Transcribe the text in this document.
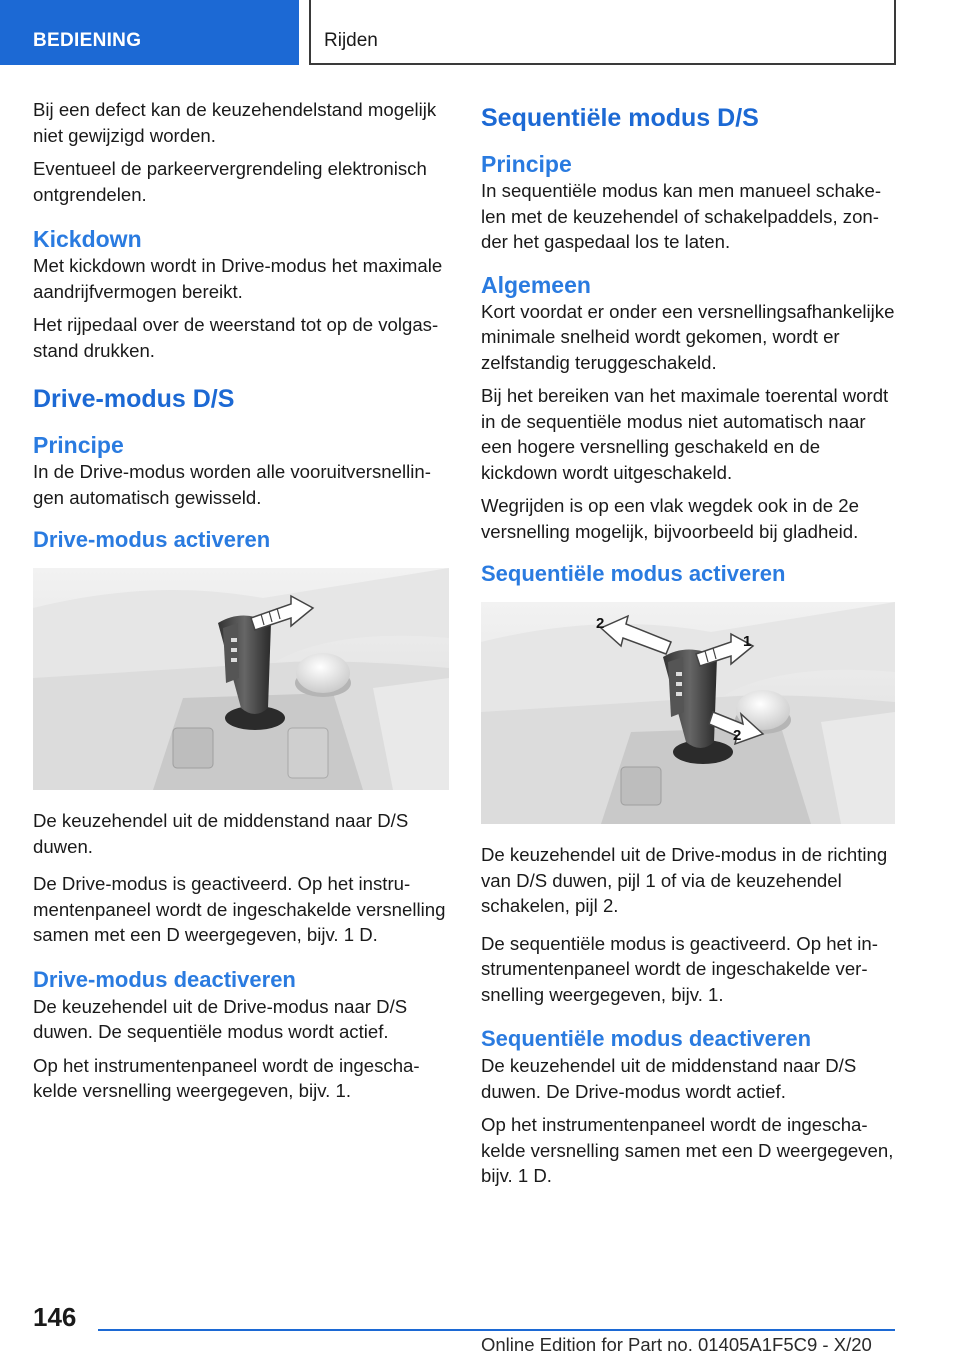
BEDIENING	Rijden

Bij een defect kan de keuzehendelstand mogelijk niet gewijzigd worden.

Eventueel de parkeervergrendeling elektronisch ontgrendelen.

Kickdown

Met kickdown wordt in Drive-modus het maximale aandrijfvermogen bereikt.

Het rijpedaal over de weerstand tot op de volgasstand drukken.

Drive-modus D/S
Principe

In de Drive-modus worden alle vooruitversnellingen automatisch gewisseld.

Drive-modus activeren

De keuzehendel uit de middenstand naar D/S duwen.

De Drive-modus is geactiveerd. Op het instrumentenpaneel wordt de ingeschakelde versnelling samen met een D weergegeven, bijv. 1 D.

Drive-modus deactiveren

De keuzehendel uit de Drive-modus naar D/S duwen. De sequentiële modus wordt actief.

Op het instrumentenpaneel wordt de ingeschakelde versnelling weergegeven, bijv. 1.

Sequentiële modus D/S
Principe

In sequentiële modus kan men manueel schakelen met de keuzehendel of schakelpaddels, zonder het gaspedaal los te laten.

Algemeen

Kort voordat er onder een versnellingsafhankelijke minimale snelheid wordt gekomen, wordt er zelfstandig teruggeschakeld.

Bij het bereiken van het maximale toerental wordt in de sequentiële modus niet automatisch naar een hogere versnelling geschakeld en de kickdown wordt uitgeschakeld.

Wegrijden is op een vlak wegdek ook in de 2e versnelling mogelijk, bijvoorbeeld bij gladheid.

Sequentiële modus activeren
1
2
2

De keuzehendel uit de Drive-modus in de richting van D/S duwen, pijl 1 of via de keuzehendel schakelen, pijl 2.

De sequentiële modus is geactiveerd. Op het instrumentenpaneel wordt de ingeschakelde versnelling weergegeven, bijv. 1.

Sequentiële modus deactiveren

De keuzehendel uit de middenstand naar D/S duwen. De Drive-modus wordt actief.

Op het instrumentenpaneel wordt de ingeschakelde versnelling samen met een D weergegeven, bijv. 1 D.

146
Online Edition for Part no. 01405A1F5C9 - X/20
